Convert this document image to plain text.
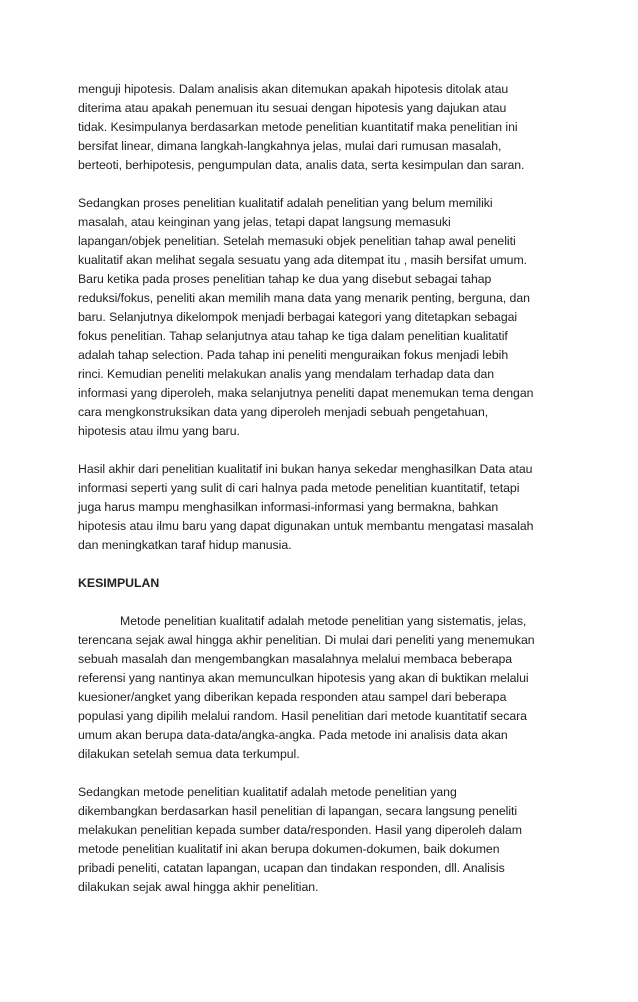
menguji hipotesis. Dalam analisis akan ditemukan apakah hipotesis ditolak atau
diterima atau apakah penemuan itu sesuai dengan hipotesis yang dajukan atau
tidak. Kesimpulanya berdasarkan metode penelitian kuantitatif maka penelitian ini
bersifat linear, dimana langkah-langkahnya jelas, mulai dari rumusan masalah,
berteoti, berhipotesis, pengumpulan data, analis data, serta kesimpulan dan saran.
Sedangkan proses penelitian kualitatif adalah penelitian yang belum memiliki
masalah, atau keinginan yang jelas, tetapi dapat langsung memasuki
lapangan/objek penelitian. Setelah memasuki objek penelitian tahap awal peneliti
kualitatif akan melihat segala sesuatu yang ada ditempat itu , masih bersifat umum.
Baru ketika pada proses penelitian tahap ke dua yang disebut sebagai tahap
reduksi/fokus, peneliti akan memilih mana data yang menarik penting, berguna, dan
baru. Selanjutnya dikelompok menjadi berbagai kategori yang ditetapkan sebagai
fokus penelitian. Tahap selanjutnya atau tahap ke tiga dalam penelitian kualitatif
adalah tahap selection. Pada tahap ini peneliti menguraikan fokus menjadi lebih
rinci. Kemudian peneliti melakukan analis yang mendalam terhadap data dan
informasi yang diperoleh, maka selanjutnya peneliti dapat menemukan tema dengan
cara mengkonstruksikan data yang diperoleh menjadi sebuah pengetahuan,
hipotesis atau ilmu yang baru.
Hasil akhir dari penelitian kualitatif ini bukan hanya sekedar menghasilkan Data atau
informasi seperti yang sulit di cari halnya pada metode penelitian kuantitatif, tetapi
juga harus mampu menghasilkan informasi-informasi yang bermakna, bahkan
hipotesis atau ilmu baru yang dapat digunakan untuk membantu mengatasi masalah
dan meningkatkan taraf hidup manusia.
KESIMPULAN
Metode penelitian kualitatif adalah metode penelitian yang sistematis, jelas,
terencana sejak awal hingga akhir penelitian. Di mulai dari peneliti yang menemukan
sebuah masalah dan mengembangkan masalahnya melalui membaca beberapa
referensi yang nantinya akan memunculkan hipotesis yang akan di buktikan melalui
kuesioner/angket yang diberikan kepada responden atau sampel dari beberapa
populasi yang dipilih melalui random. Hasil penelitian dari metode kuantitatif secara
umum akan berupa data-data/angka-angka. Pada metode ini analisis data akan
dilakukan setelah semua data terkumpul.
Sedangkan metode penelitian kualitatif adalah metode penelitian yang
dikembangkan berdasarkan hasil penelitian di lapangan, secara langsung peneliti
melakukan penelitian kepada sumber data/responden. Hasil yang diperoleh dalam
metode penelitian kualitatif ini akan berupa dokumen-dokumen, baik dokumen
pribadi peneliti, catatan lapangan, ucapan dan tindakan responden, dll. Analisis
dilakukan sejak awal hingga akhir penelitian.
